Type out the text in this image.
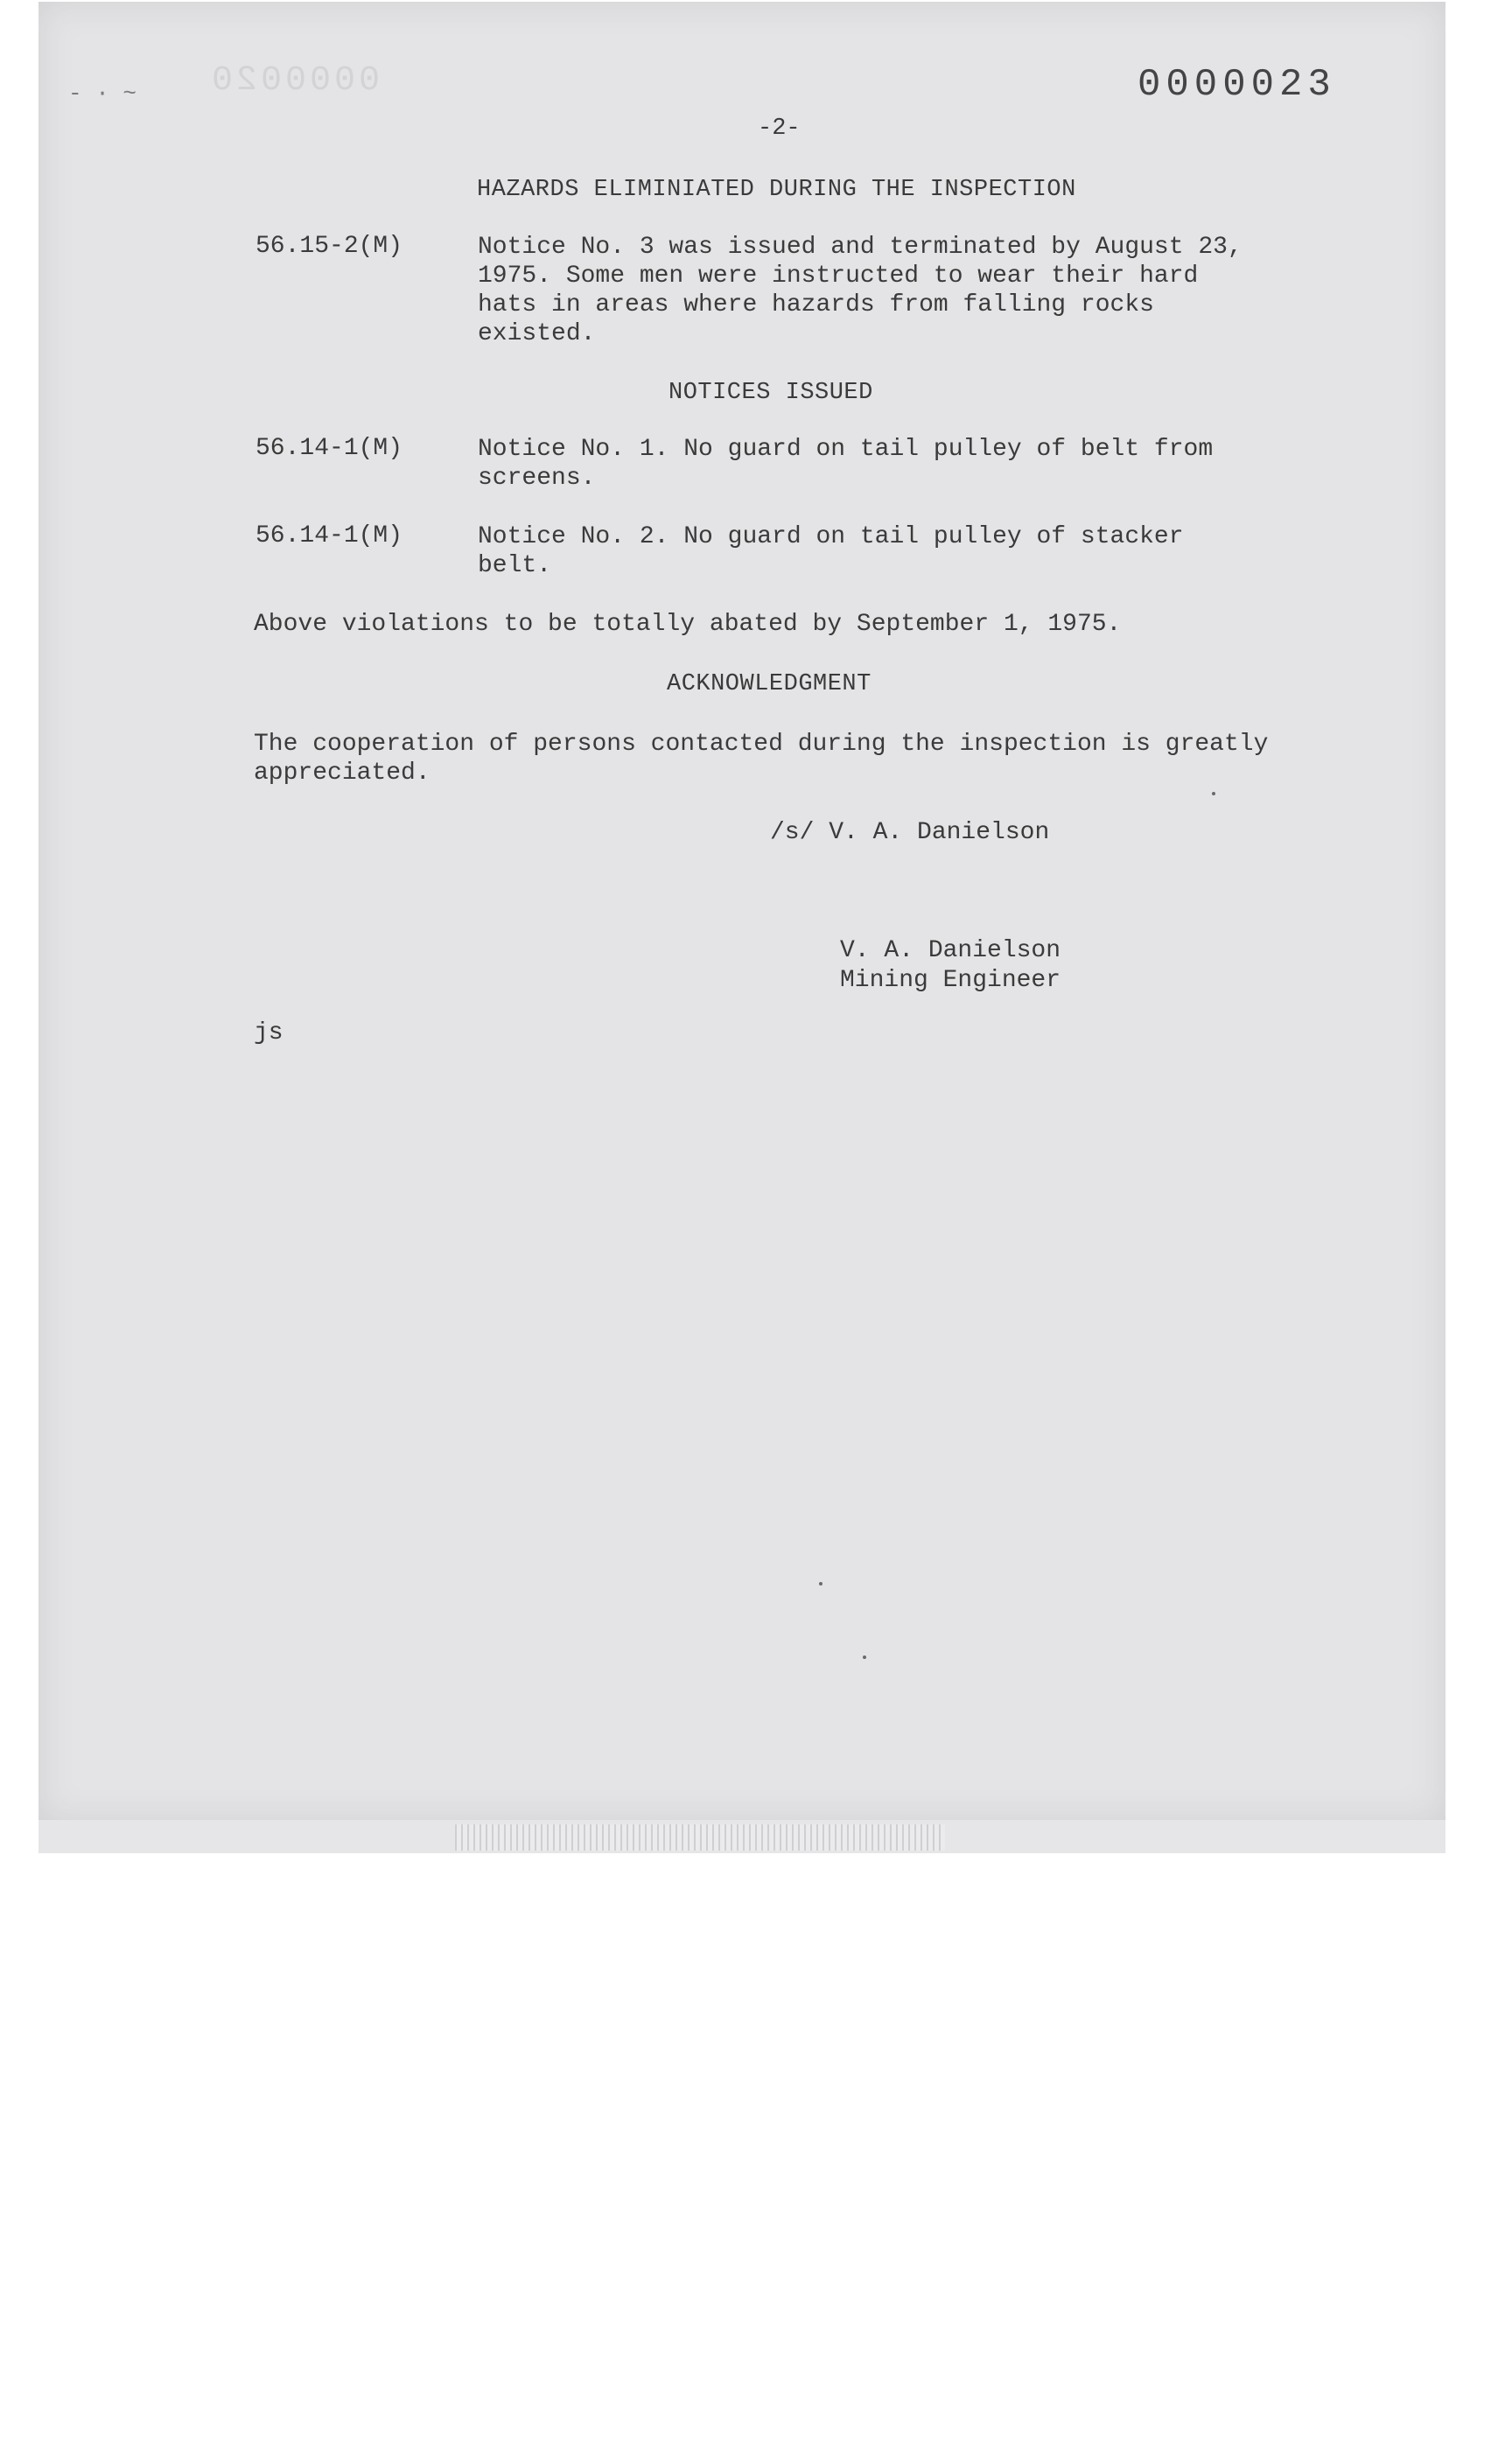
0000020
- · ~	0000023
-2-
HAZARDS ELIMINIATED DURING THE INSPECTION
56.15-2(M)	Notice No. 3 was issued and terminated by August 23,
1975. Some men were instructed to wear their hard
hats in areas where hazards from falling rocks
existed.
NOTICES ISSUED
56.14-1(M)	Notice No. 1. No guard on tail pulley of belt from
screens.
56.14-1(M)	Notice No. 2. No guard on tail pulley of stacker
belt.
Above violations to be totally abated by September 1, 1975.
ACKNOWLEDGMENT
The cooperation of persons contacted during the inspection is greatly
appreciated.
/s/ V. A. Danielson
V. A. Danielson
Mining Engineer
js
